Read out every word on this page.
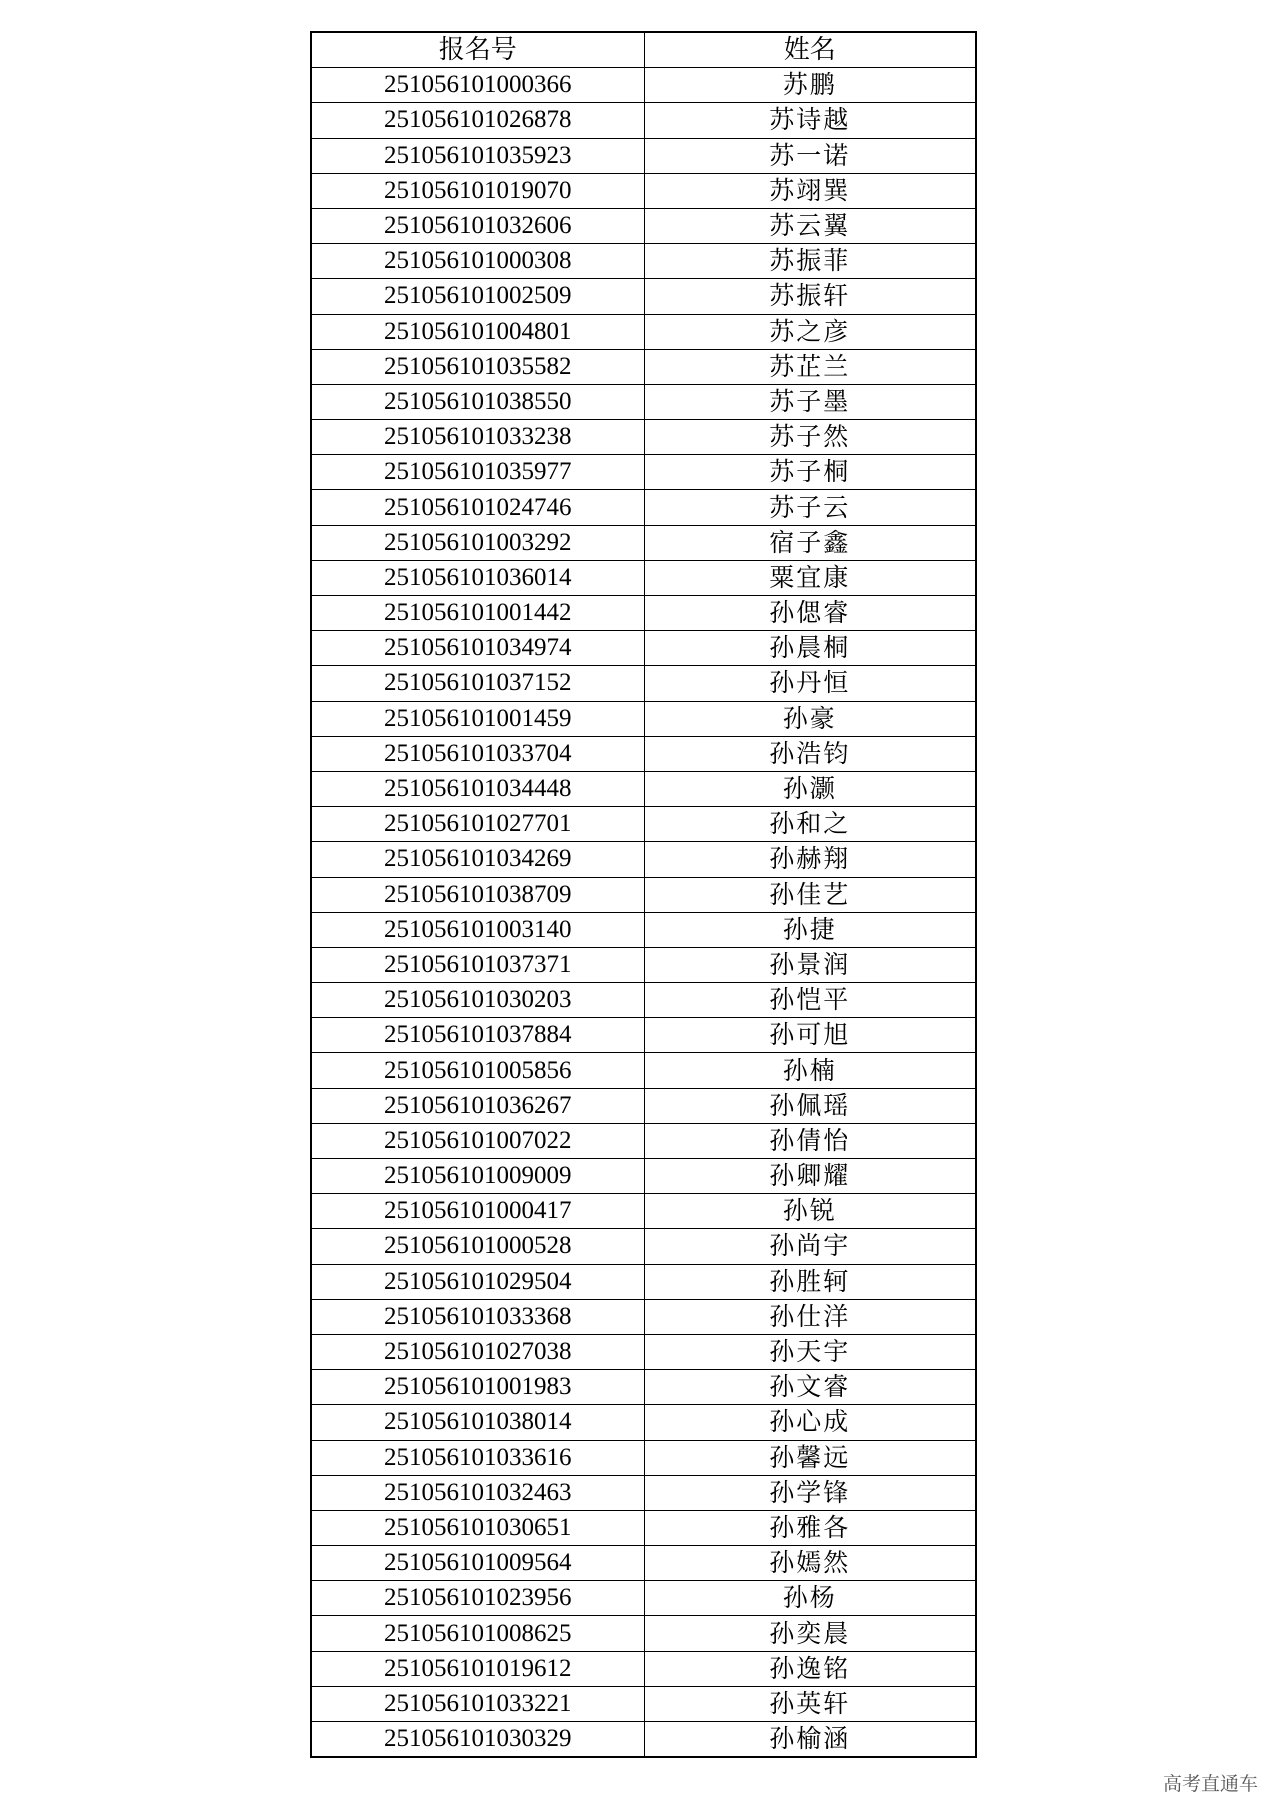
报名号	姓名
251056101000366	苏鹏
251056101026878	苏诗越
251056101035923	苏一诺
251056101019070	苏翊巽
251056101032606	苏云翼
251056101000308	苏振菲
251056101002509	苏振轩
251056101004801	苏之彦
251056101035582	苏芷兰
251056101038550	苏子墨
251056101033238	苏子然
251056101035977	苏子桐
251056101024746	苏子云
251056101003292	宿子鑫
251056101036014	粟宜康
251056101001442	孙偲睿
251056101034974	孙晨桐
251056101037152	孙丹恒
251056101001459	孙豪
251056101033704	孙浩钧
251056101034448	孙灏
251056101027701	孙和之
251056101034269	孙赫翔
251056101038709	孙佳艺
251056101003140	孙捷
251056101037371	孙景润
251056101030203	孙恺平
251056101037884	孙可旭
251056101005856	孙楠
251056101036267	孙佩瑶
251056101007022	孙倩怡
251056101009009	孙卿耀
251056101000417	孙锐
251056101000528	孙尚宇
251056101029504	孙胜轲
251056101033368	孙仕洋
251056101027038	孙天宇
251056101001983	孙文睿
251056101038014	孙心成
251056101033616	孙馨远
251056101032463	孙学锋
251056101030651	孙雅各
251056101009564	孙嫣然
251056101023956	孙杨
251056101008625	孙奕晨
251056101019612	孙逸铭
251056101033221	孙英轩
251056101030329	孙榆涵
高考直通车
